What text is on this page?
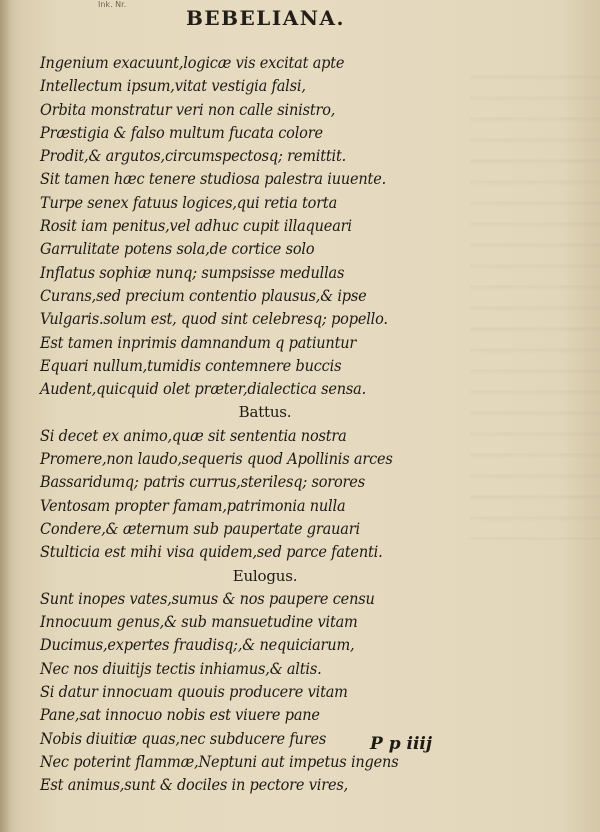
Ink. Nr.
BEBELIANA.
Ingenium exacuunt,logicæ vis excitat apte
Intellectum ipsum,vitat vestigia falsi,
Orbita monstratur veri non calle sinistro,
Præstigia & falso multum fucata colore
Prodit,& argutos,circumspectosq; remittit.
Sit tamen hæc tenere studiosa palestra iuuente.
Turpe senex fatuus logices,qui retia torta
Rosit iam penitus,vel adhuc cupit illaqueari
Garrulitate potens sola,de cortice solo
Inflatus sophiæ nunq; sumpsisse medullas
Curans,sed precium contentio plausus,& ipse
Vulgaris.solum est, quod sint celebresq; popello.
Est tamen inprimis damnandum q patiuntur
Equari nullum,tumidis contemnere buccis
Audent,quicquid olet præter,dialectica sensa.
Battus.
Si decet ex animo,quæ sit sententia nostra
Promere,non laudo,sequeris quod Apollinis arces
Bassaridumq; patris currus,sterilesq; sorores
Ventosam propter famam,patrimonia nulla
Condere,& æternum sub paupertate grauari
Stulticia est mihi visa quidem,sed parce fatenti.
Eulogus.
Sunt inopes vates,sumus & nos paupere censu
Innocuum genus,& sub mansuetudine vitam
Ducimus,expertes fraudisq;,& nequiciarum,
Nec nos diuitijs tectis inhiamus,& altis.
Si datur innocuam quouis producere vitam
Pane,sat innocuo nobis est viuere pane
Nobis diuitiæ quas,nec subducere fures
Nec poterint flammæ,Neptuni aut impetus ingens
Est animus,sunt & dociles in pectore vires,
P p iiij
